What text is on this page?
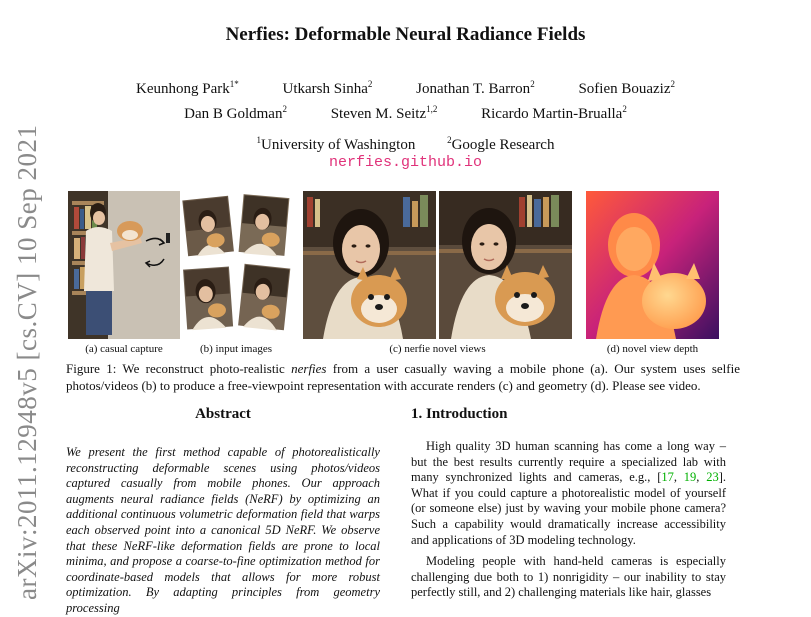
arXiv:2011.12948v5 [cs.CV] 10 Sep 2021
Nerfies: Deformable Neural Radiance Fields
Keunhong Park$^{1*}$	Utkarsh Sinha$^2$	Jonathan T. Barron$^2$	Sofien Bouaziz$^2$
Dan B Goldman$^2$	Steven M. Seitz$^{1,2}$	Ricardo Martin-Brualla$^2$
$^1$University of Washington	$^2$Google Research
nerfies.github.io
(a) casual capture	(b) input images	(c) nerfie novel views	(d) novel view depth
Figure 1: We reconstruct photo-realistic nerfies from a user casually waving a mobile phone (a). Our system uses selfie photos/videos (b) to produce a free-viewpoint representation with accurate renders (c) and geometry (d). Please see video.
Abstract
We present the first method capable of photorealistically reconstructing deformable scenes using photos/videos captured casually from mobile phones. Our approach augments neural radiance fields (NeRF) by optimizing an additional continuous volumetric deformation field that warps each observed point into a canonical 5D NeRF. We observe that these NeRF-like deformation fields are prone to local minima, and propose a coarse-to-fine optimization method for coordinate-based models that allows for more robust optimization. By adapting principles from geometry processing
1. Introduction
High quality 3D human scanning has come a long way – but the best results currently require a specialized lab with many synchronized lights and cameras, e.g., [17, 19, 23]. What if you could capture a photorealistic model of yourself (or someone else) just by waving your mobile phone camera? Such a capability would dramatically increase accessibility and applications of 3D modeling technology.
Modeling people with hand-held cameras is especially challenging due both to 1) nonrigidity – our inability to stay perfectly still, and 2) challenging materials like hair, glasses
